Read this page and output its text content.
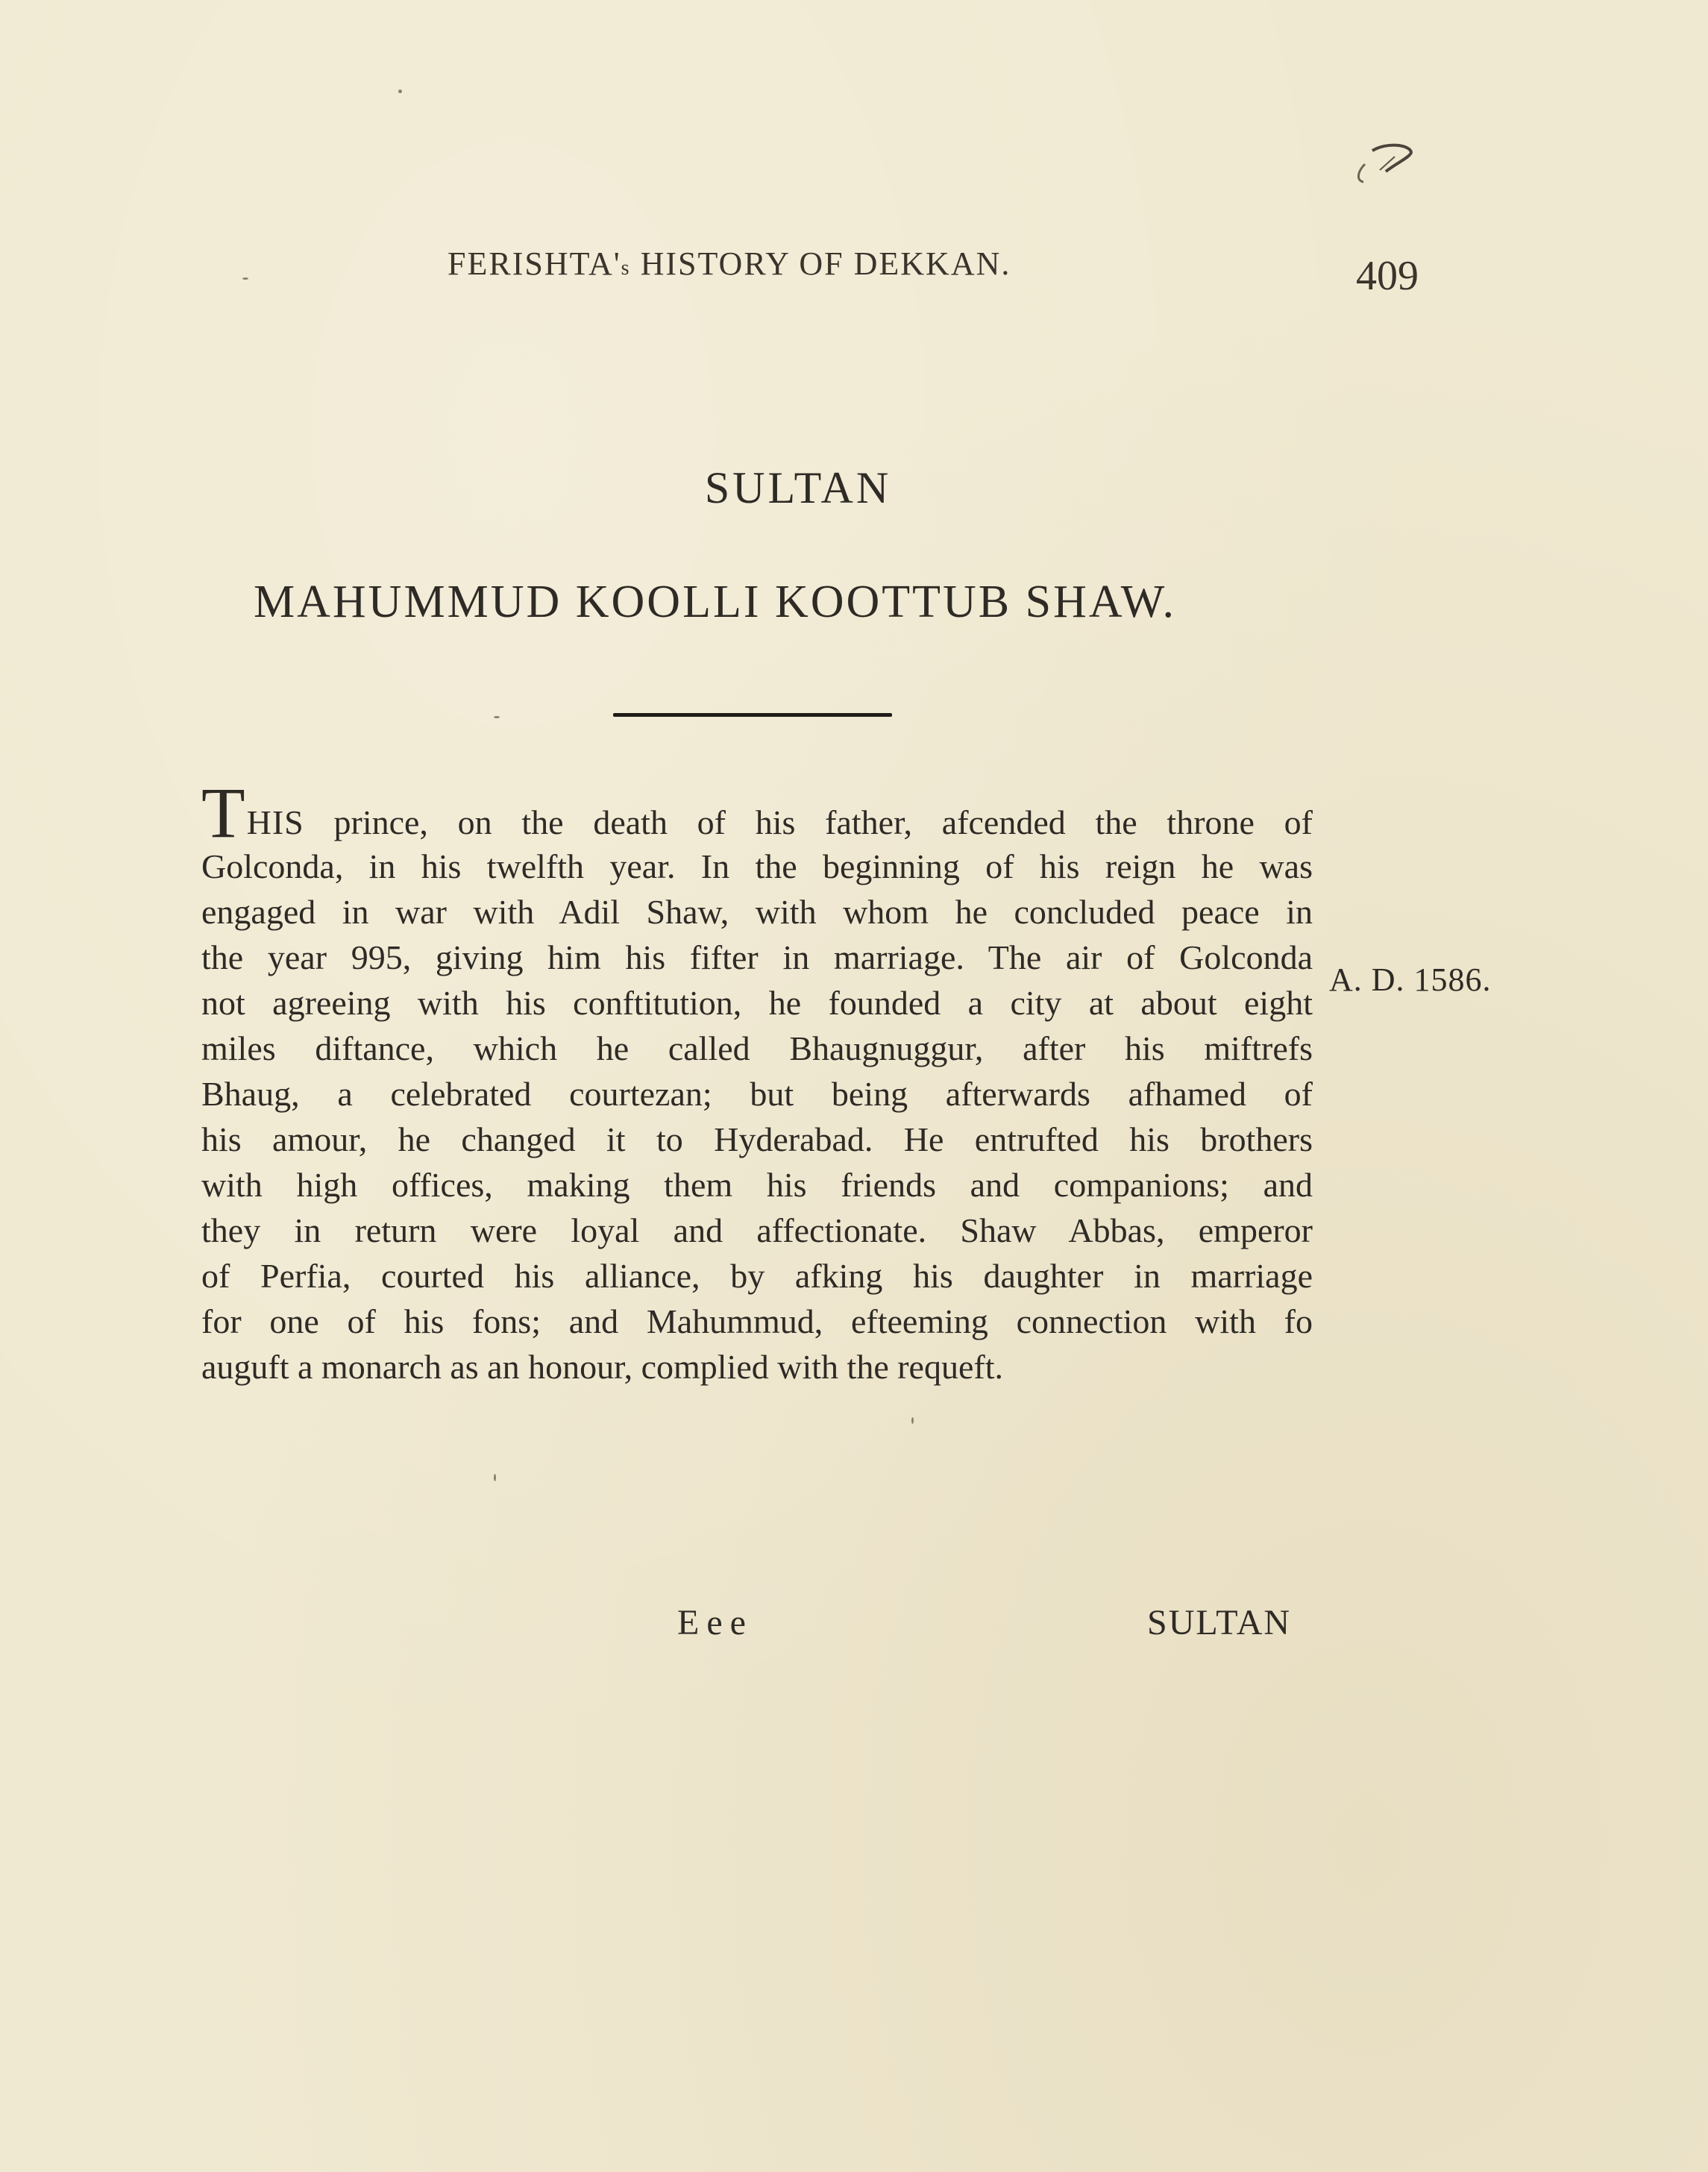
FERISHTA's HISTORY OF DEKKAN.	409
SULTAN
MAHUMMUD KOOLLI KOOTTUB SHAW.
THIS prince, on the death of his father, afcended the throne of
Golconda, in his twelfth year. In the beginning of his reign he was
engaged in war with Adil Shaw, with whom he concluded peace in
the year 995, giving him his fifter in marriage. The air of Golconda
not agreeing with his conftitution, he founded a city at about eight
miles diftance, which he called Bhaugnuggur, after his miftrefs
Bhaug, a celebrated courtezan; but being afterwards afhamed of
his amour, he changed it to Hyderabad. He entrufted his brothers
with high offices, making them his friends and companions; and
they in return were loyal and affectionate. Shaw Abbas, emperor
of Perfia, courted his alliance, by afking his daughter in marriage
for one of his fons; and Mahummud, efteeming connection with fo
auguft a monarch as an honour, complied with the requeft.
A. D. 1586.
Eee	SULTAN
